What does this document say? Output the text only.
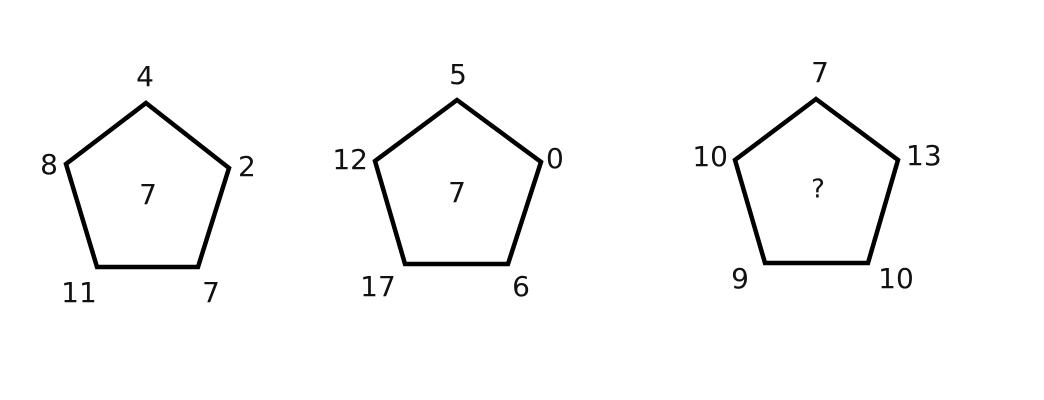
4
2
7
11
8
7
5
0
6
17
12
7
7
13
10
9
10
?
